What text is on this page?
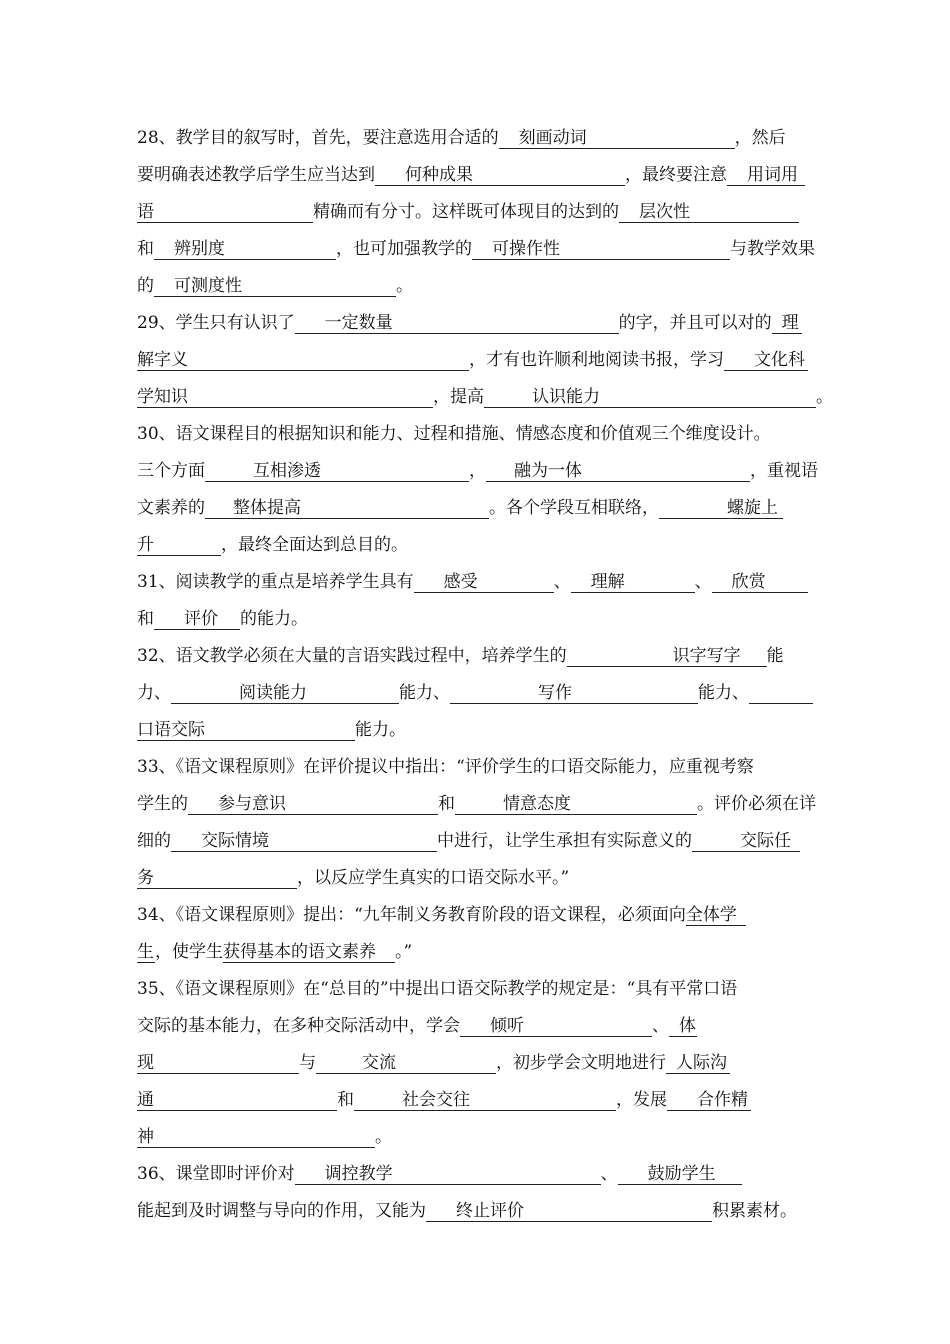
28、教学目的叙写时，首先，要注意选用合适的 刻画动词	，然后
要明确表述教学后学生应当达到 何种成果	，最终要注意 用词用
语	精确而有分寸。这样既可体现目的达到的 层次性
和 辨别度	，也可加强教学的 可操作性	与教学效果
的 可测度性	。
29、学生只有认识了 一定数量	的字，并且可以对的 理
解字义	，才有也许顺利地阅读书报，学习 文化科
学知识	，提高	认识能力	。
30、语文课程目的根据知识和能力、过程和措施、情感态度和价值观三个维度设计。
三个方面	互相渗透	， 融为一体	，重视语
文素养的 整体提高	。各个学段互相联络，	螺旋上
升	，最终全面达到总目的。
31、阅读教学的重点是培养学生具有 感受	、 理解	、 欣赏
和 评价 的能力。
32、语文教学必须在大量的言语实践过程中，培养学生的	识字写字 能
力、	阅读能力	能力、	写作	能力、
口语交际	能力。
33、《语文课程原则》在评价提议中指出：“评价学生的口语交际能力，应重视考察
学生的 参与意识	和	情意态度	。评价必须在详
细的 交际情境	中进行，让学生承担有实际意义的	交际任
务	，以反应学生真实的口语交际水平。”
34、《语文课程原则》提出：“九年制义务教育阶段的语文课程，必须面向全体学
生，使学生获得基本的语文素养 。”
35、《语文课程原则》在“总目的”中提出口语交际教学的规定是：“具有平常口语
交际的基本能力，在多种交际活动中，学会 倾听	、 体
现	与	交流	，初步学会文明地进行 人际沟
通	和	社会交往	，发展 合作精
神	。
36、课堂即时评价对 调控教学	、 鼓励学生
能起到及时调整与导向的作用，又能为 终止评价	积累素材。
